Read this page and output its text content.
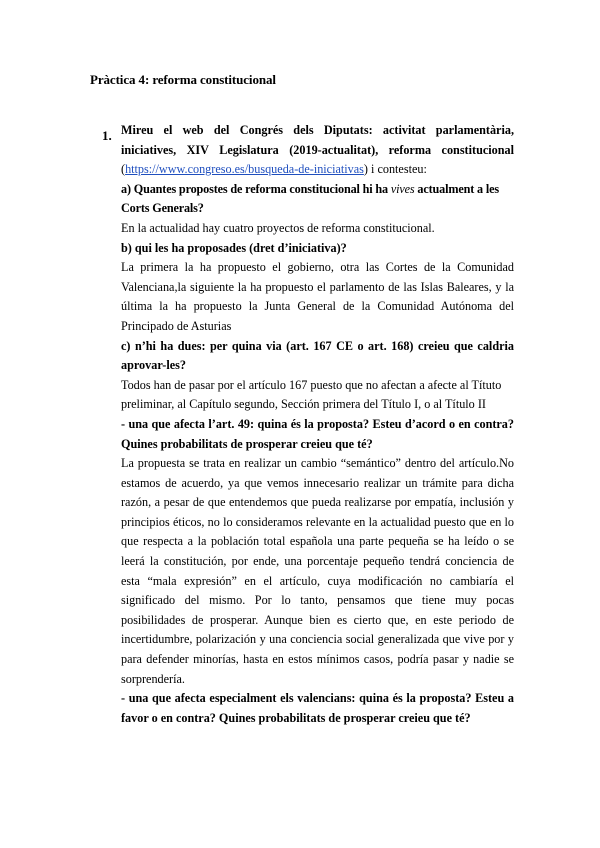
Pràctica 4: reforma constitucional
1. Mireu el web del Congrés dels Diputats: activitat parlamentària, iniciatives, XIV Legislatura (2019-actualitat), reforma constitucional

(https://www.congreso.es/busqueda-de-iniciativas) i contesteu:

a) Quantes propostes de reforma constitucional hi ha vives actualment a les Corts Generals?

En la actualidad hay cuatro proyectos de reforma constitucional.

b) qui les ha proposades (dret d’iniciativa)?

La primera la ha propuesto el gobierno, otra las Cortes de la Comunidad Valenciana,la siguiente la ha propuesto el parlamento de las Islas Baleares, y la última la ha propuesto la Junta General de la Comunidad Autónoma del Principado de Asturias

c) n’hi ha dues: per quina via (art. 167 CE o art. 168) creieu que caldria aprovar-les?

Todos han de pasar por el artículo 167 puesto que no afectan a afecte al Títuto preliminar, al Capítulo segundo, Sección primera del Título I, o al Título II

- una que afecta l’art. 49: quina és la proposta? Esteu d’acord o en contra? Quines probabilitats de prosperar creieu que té?

La propuesta se trata en realizar un cambio “semántico” dentro del artículo.No estamos de acuerdo, ya que vemos innecesario realizar un trámite para dicha razón, a pesar de que entendemos que pueda realizarse por empatía, inclusión y principios éticos, no lo consideramos relevante en la actualidad puesto que en lo que respecta a la población total española una parte pequeña se ha leído o se leerá la constitución, por ende, una porcentaje pequeño tendrá conciencia de esta “mala expresión” en el artículo, cuya modificación no cambiaría el significado del mismo. Por lo tanto, pensamos que tiene muy pocas posibilidades de prosperar. Aunque bien es cierto que, en este periodo de incertidumbre, polarización y una conciencia social generalizada que vive por y para defender minorías, hasta en estos mínimos casos, podría pasar y nadie se sorprendería.

- una que afecta especialment els valencians: quina és la proposta? Esteu a favor o en contra? Quines probabilitats de prosperar creieu que té?
